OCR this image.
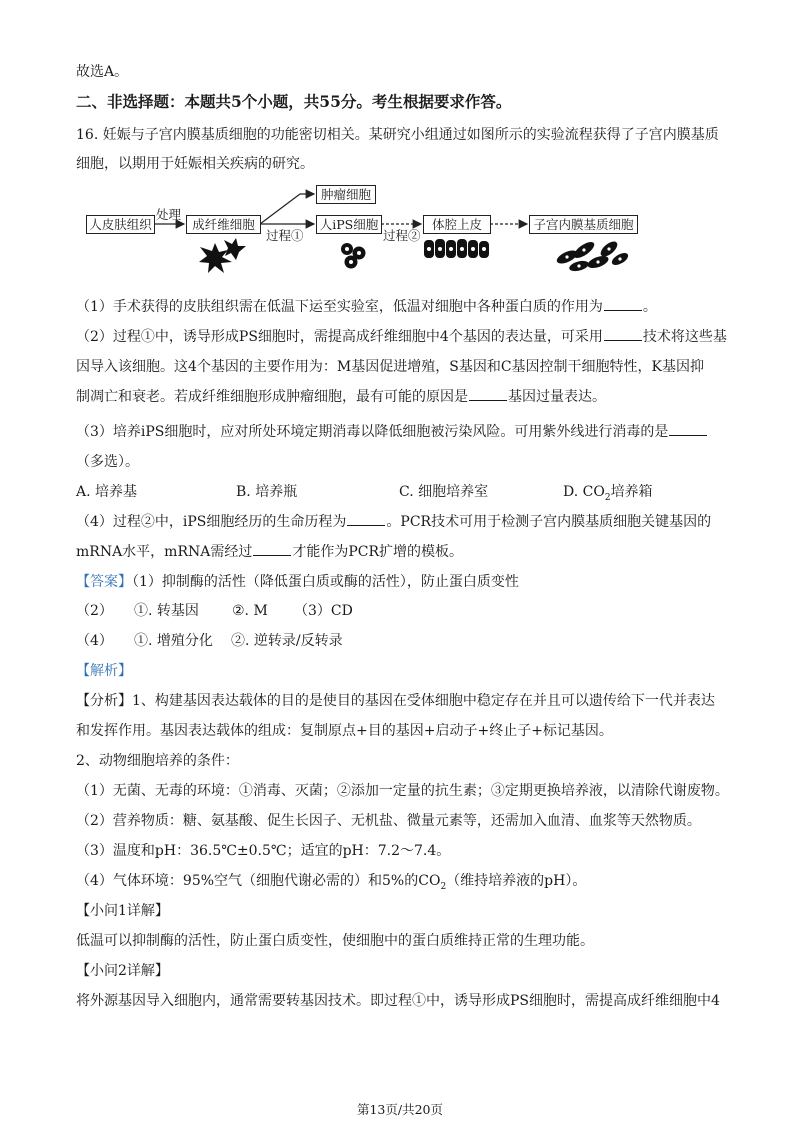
故选A。
二、非选择题：本题共5个小题，共55分。考生根据要求作答。
16. 妊娠与子宫内膜基质细胞的功能密切相关。某研究小组通过如图所示的实验流程获得了子宫内膜基质
细胞，以期用于妊娠相关疾病的研究。
人皮肤组织	成纤维细胞
肿瘤细胞
人iPS细胞	体腔上皮	子宫内膜基质细胞
处理
过程①	过程②
（1）手术获得的皮肤组织需在低温下运至实验室，低温对细胞中各种蛋白质的作用为	。
（2）过程①中，诱导形成PS细胞时，需提高成纤维细胞中4个基因的表达量，可采用	技术将这些基
因导入该细胞。这4个基因的主要作用为：M基因促进增殖，S基因和C基因控制干细胞特性，K基因抑
制凋亡和衰老。若成纤维细胞形成肿瘤细胞，最有可能的原因是	基因过量表达。
（3）培养iPS细胞时，应对所处环境定期消毒以降低细胞被污染风险。可用紫外线进行消毒的是
（多选）。
A. 培养基	B. 培养瓶	C. 细胞培养室	D. $CO_2$培养箱
（4）过程②中，iPS细胞经历的生命历程为	。PCR技术可用于检测子宫内膜基质细胞关键基因的
mRNA水平，mRNA需经过	才能作为PCR扩增的模板。
【答案】（1）抑制酶的活性（降低蛋白质或酶的活性），防止蛋白质变性
（2） ①. 转基因 ②. M （3）CD
（4） ①. 增殖分化 ②. 逆转录/反转录
【解析】
【分析】1、构建基因表达载体的目的是使目的基因在受体细胞中稳定存在并且可以遗传给下一代并表达
和发挥作用。基因表达载体的组成：复制原点+目的基因+启动子+终止子+标记基因。
2、动物细胞培养的条件：
（1）无菌、无毒的环境：①消毒、灭菌；②添加一定量的抗生素；③定期更换培养液，以清除代谢废物。
（2）营养物质：糖、氨基酸、促生长因子、无机盐、微量元素等，还需加入血清、血浆等天然物质。
（3）温度和pH：36.5℃±0.5℃；适宜的pH：7.2～7.4。
（4）气体环境：95%空气（细胞代谢必需的）和5%的$CO_2$（维持培养液的pH）。
【小问1详解】
低温可以抑制酶的活性，防止蛋白质变性，使细胞中的蛋白质维持正常的生理功能。
【小问2详解】
将外源基因导入细胞内，通常需要转基因技术。即过程①中，诱导形成PS细胞时，需提高成纤维细胞中4
第13页/共20页
